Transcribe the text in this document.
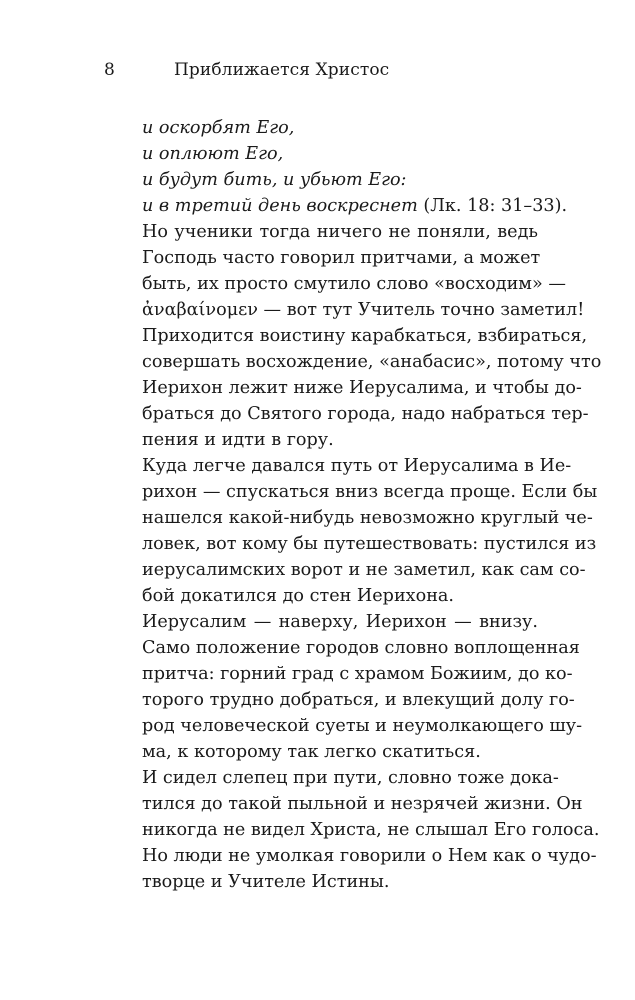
8	Приближается Христос
и оскорбят Его,
и оплюют Его,
и будут бить, и убьют Его:
и в третий день воскреснет (Лк. 18: 31–33).
Но ученики тогда ничего не поняли, ведь
Господь часто говорил притчами, а может
быть, их просто смутило слово «восходим» —
ἀναβαίνομεν — вот тут Учитель точно заметил!
Приходится воистину карабкаться, взбираться,
совершать восхождение, «анабасис», потому что
Иерихон лежит ниже Иерусалима, и чтобы до-
браться до Святого города, надо набраться тер-
пения и идти в гору.
Куда легче давался путь от Иерусалима в Ие-
рихон — спускаться вниз всегда проще. Если бы
нашелся какой-нибудь невозможно круглый че-
ловек, вот кому бы путешествовать: пустился из
иерусалимских ворот и не заметил, как сам со-
бой докатился до стен Иерихона.
Иерусалим — наверху, Иерихон — внизу.
Само положение городов словно воплощенная
притча: горний град с храмом Божиим, до ко-
торого трудно добраться, и влекущий долу го-
род человеческой суеты и неумолкающего шу-
ма, к которому так легко скатиться.
И сидел слепец при пути, словно тоже дока-
тился до такой пыльной и незрячей жизни. Он
никогда не видел Христа, не слышал Его голоса.
Но люди не умолкая говорили о Нем как о чудо-
творце и Учителе Истины.
